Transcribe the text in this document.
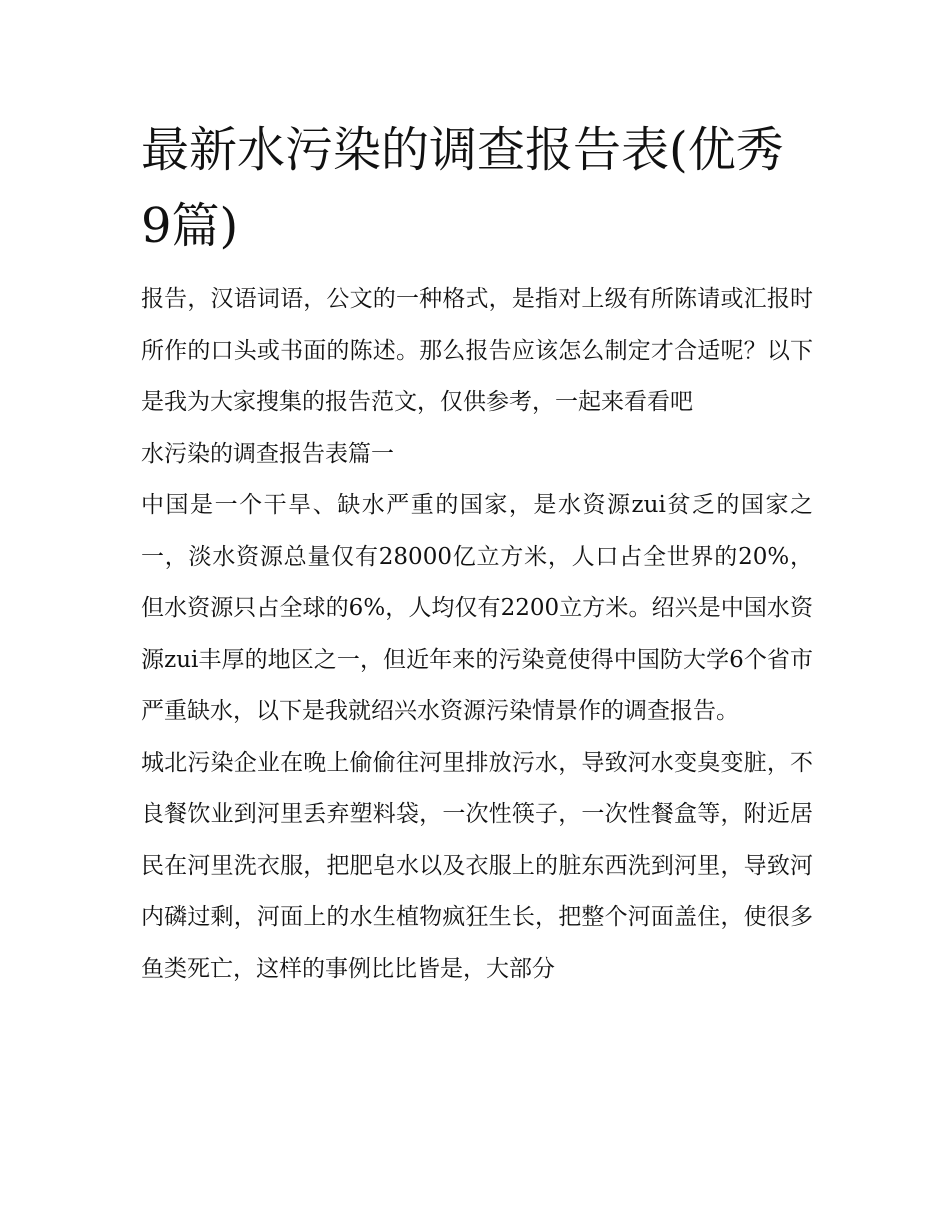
最新水污染的调查报告表(优秀9篇)

报告，汉语词语，公文的一种格式，是指对上级有所陈请或汇报时所作的口头或书面的陈述。那么报告应该怎么制定才合适呢？以下是我为大家搜集的报告范文，仅供参考，一起来看看吧

水污染的调查报告表篇一

中国是一个干旱、缺水严重的国家，是水资源zui贫乏的国家之一，淡水资源总量仅有28000亿立方米，人口占全世界的20%，但水资源只占全球的6%，人均仅有2200立方米。绍兴是中国水资源zui丰厚的地区之一，但近年来的污染竟使得中国防大学6个省市严重缺水，以下是我就绍兴水资源污染情景作的调查报告。

城北污染企业在晚上偷偷往河里排放污水，导致河水变臭变脏，不良餐饮业到河里丢弃塑料袋，一次性筷子，一次性餐盒等，附近居民在河里洗衣服，把肥皂水以及衣服上的脏东西洗到河里，导致河内磷过剩，河面上的水生植物疯狂生长，把整个河面盖住，使很多鱼类死亡，这样的事例比比皆是，大部分
